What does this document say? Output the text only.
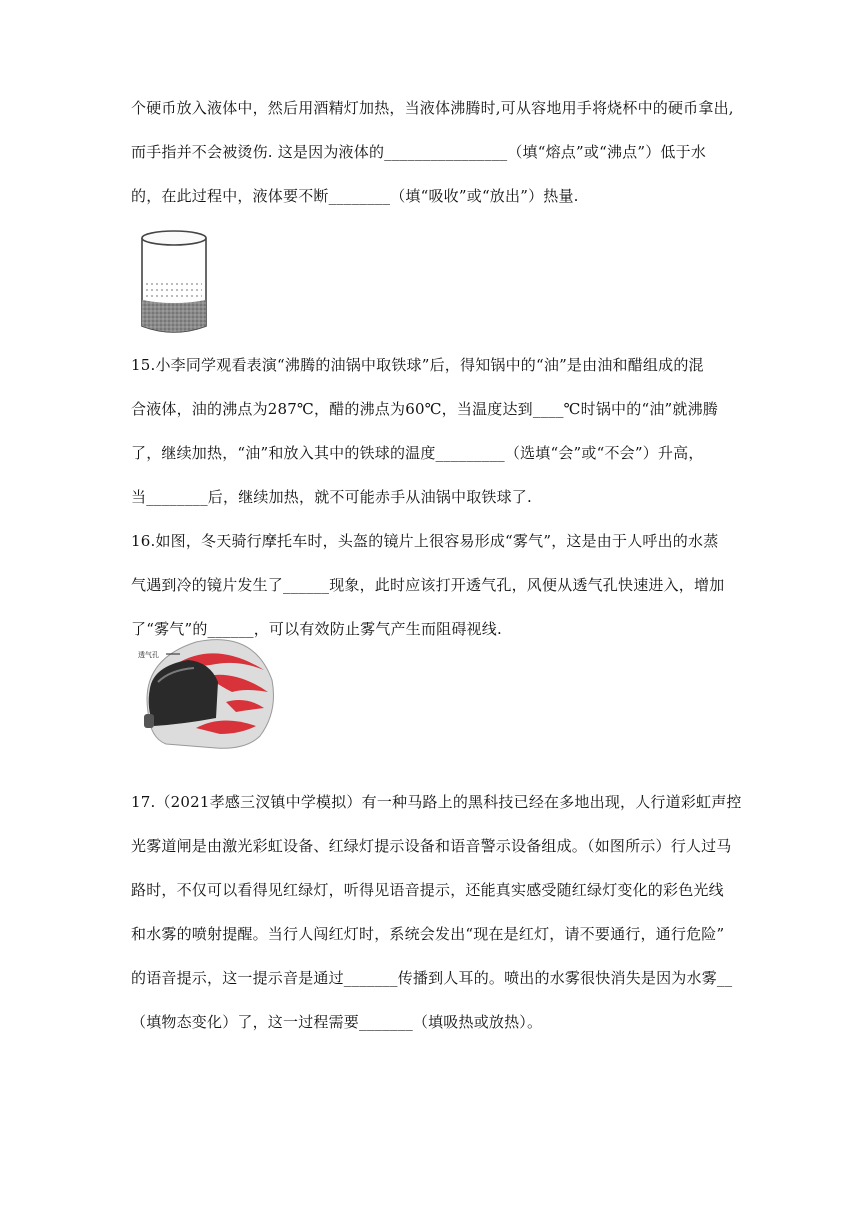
个硬币放入液体中，然后用酒精灯加热，当液体沸腾时,可从容地用手将烧杯中的硬币拿出,
而手指并不会被烫伤. 这是因为液体的________________（填“熔点”或“沸点”）低于水
的，在此过程中，液体要不断________（填“吸收”或“放出”）热量.
15.小李同学观看表演“沸腾的油锅中取铁球”后，得知锅中的“油”是由油和醋组成的混
合液体，油的沸点为287℃，醋的沸点为60℃，当温度达到____℃时锅中的“油”就沸腾
了，继续加热，“油”和放入其中的铁球的温度_________（选填“会”或“不会”）升高，
当________后，继续加热，就不可能赤手从油锅中取铁球了.
16.如图，冬天骑行摩托车时，头盔的镜片上很容易形成“雾气”，这是由于人呼出的水蒸
气遇到冷的镜片发生了______现象，此时应该打开透气孔，风便从透气孔快速进入，增加
了“雾气”的______，可以有效防止雾气产生而阻碍视线.
透气孔
17.（2021孝感三汊镇中学模拟）有一种马路上的黑科技已经在多地出现，人行道彩虹声控
光雾道闸是由激光彩虹设备、红绿灯提示设备和语音警示设备组成。（如图所示）行人过马
路时，不仅可以看得见红绿灯，听得见语音提示，还能真实感受随红绿灯变化的彩色光线
和水雾的喷射提醒。当行人闯红灯时，系统会发出“现在是红灯，请不要通行，通行危险”
的语音提示，这一提示音是通过_______传播到人耳的。喷出的水雾很快消失是因为水雾__
（填物态变化）了，这一过程需要_______（填吸热或放热）。
